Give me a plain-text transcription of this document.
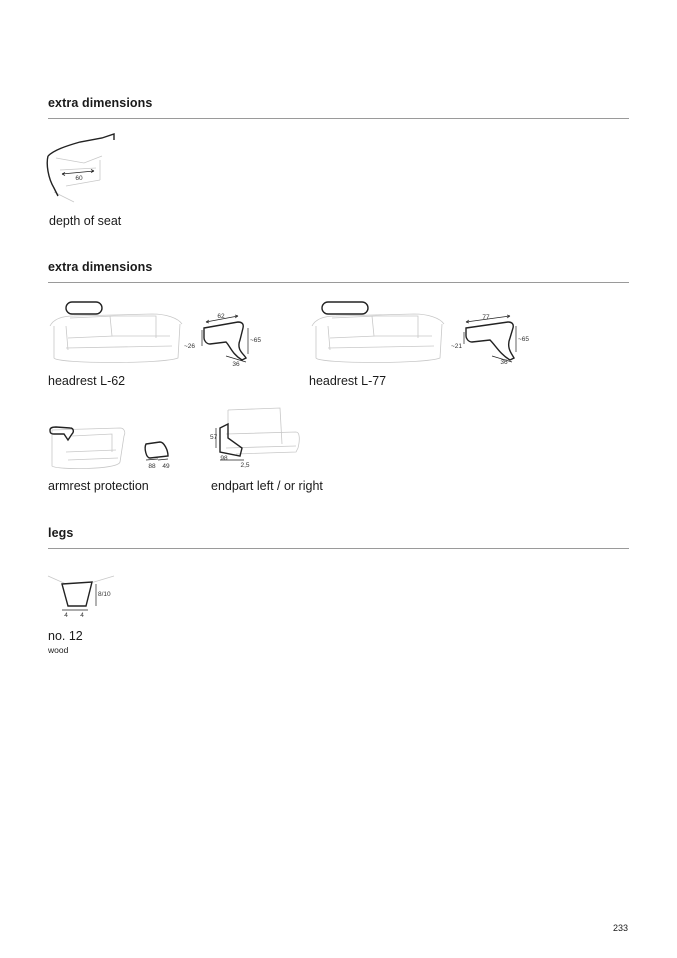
extra dimensions
60
depth of seat
extra dimensions
62
~65
~26
36
headrest L-62
77
~65
~21
36
headrest L-77
88 49
armrest protection
57
98
2,5
endpart left / or right
legs
8/10
4 4
no. 12
wood
233
